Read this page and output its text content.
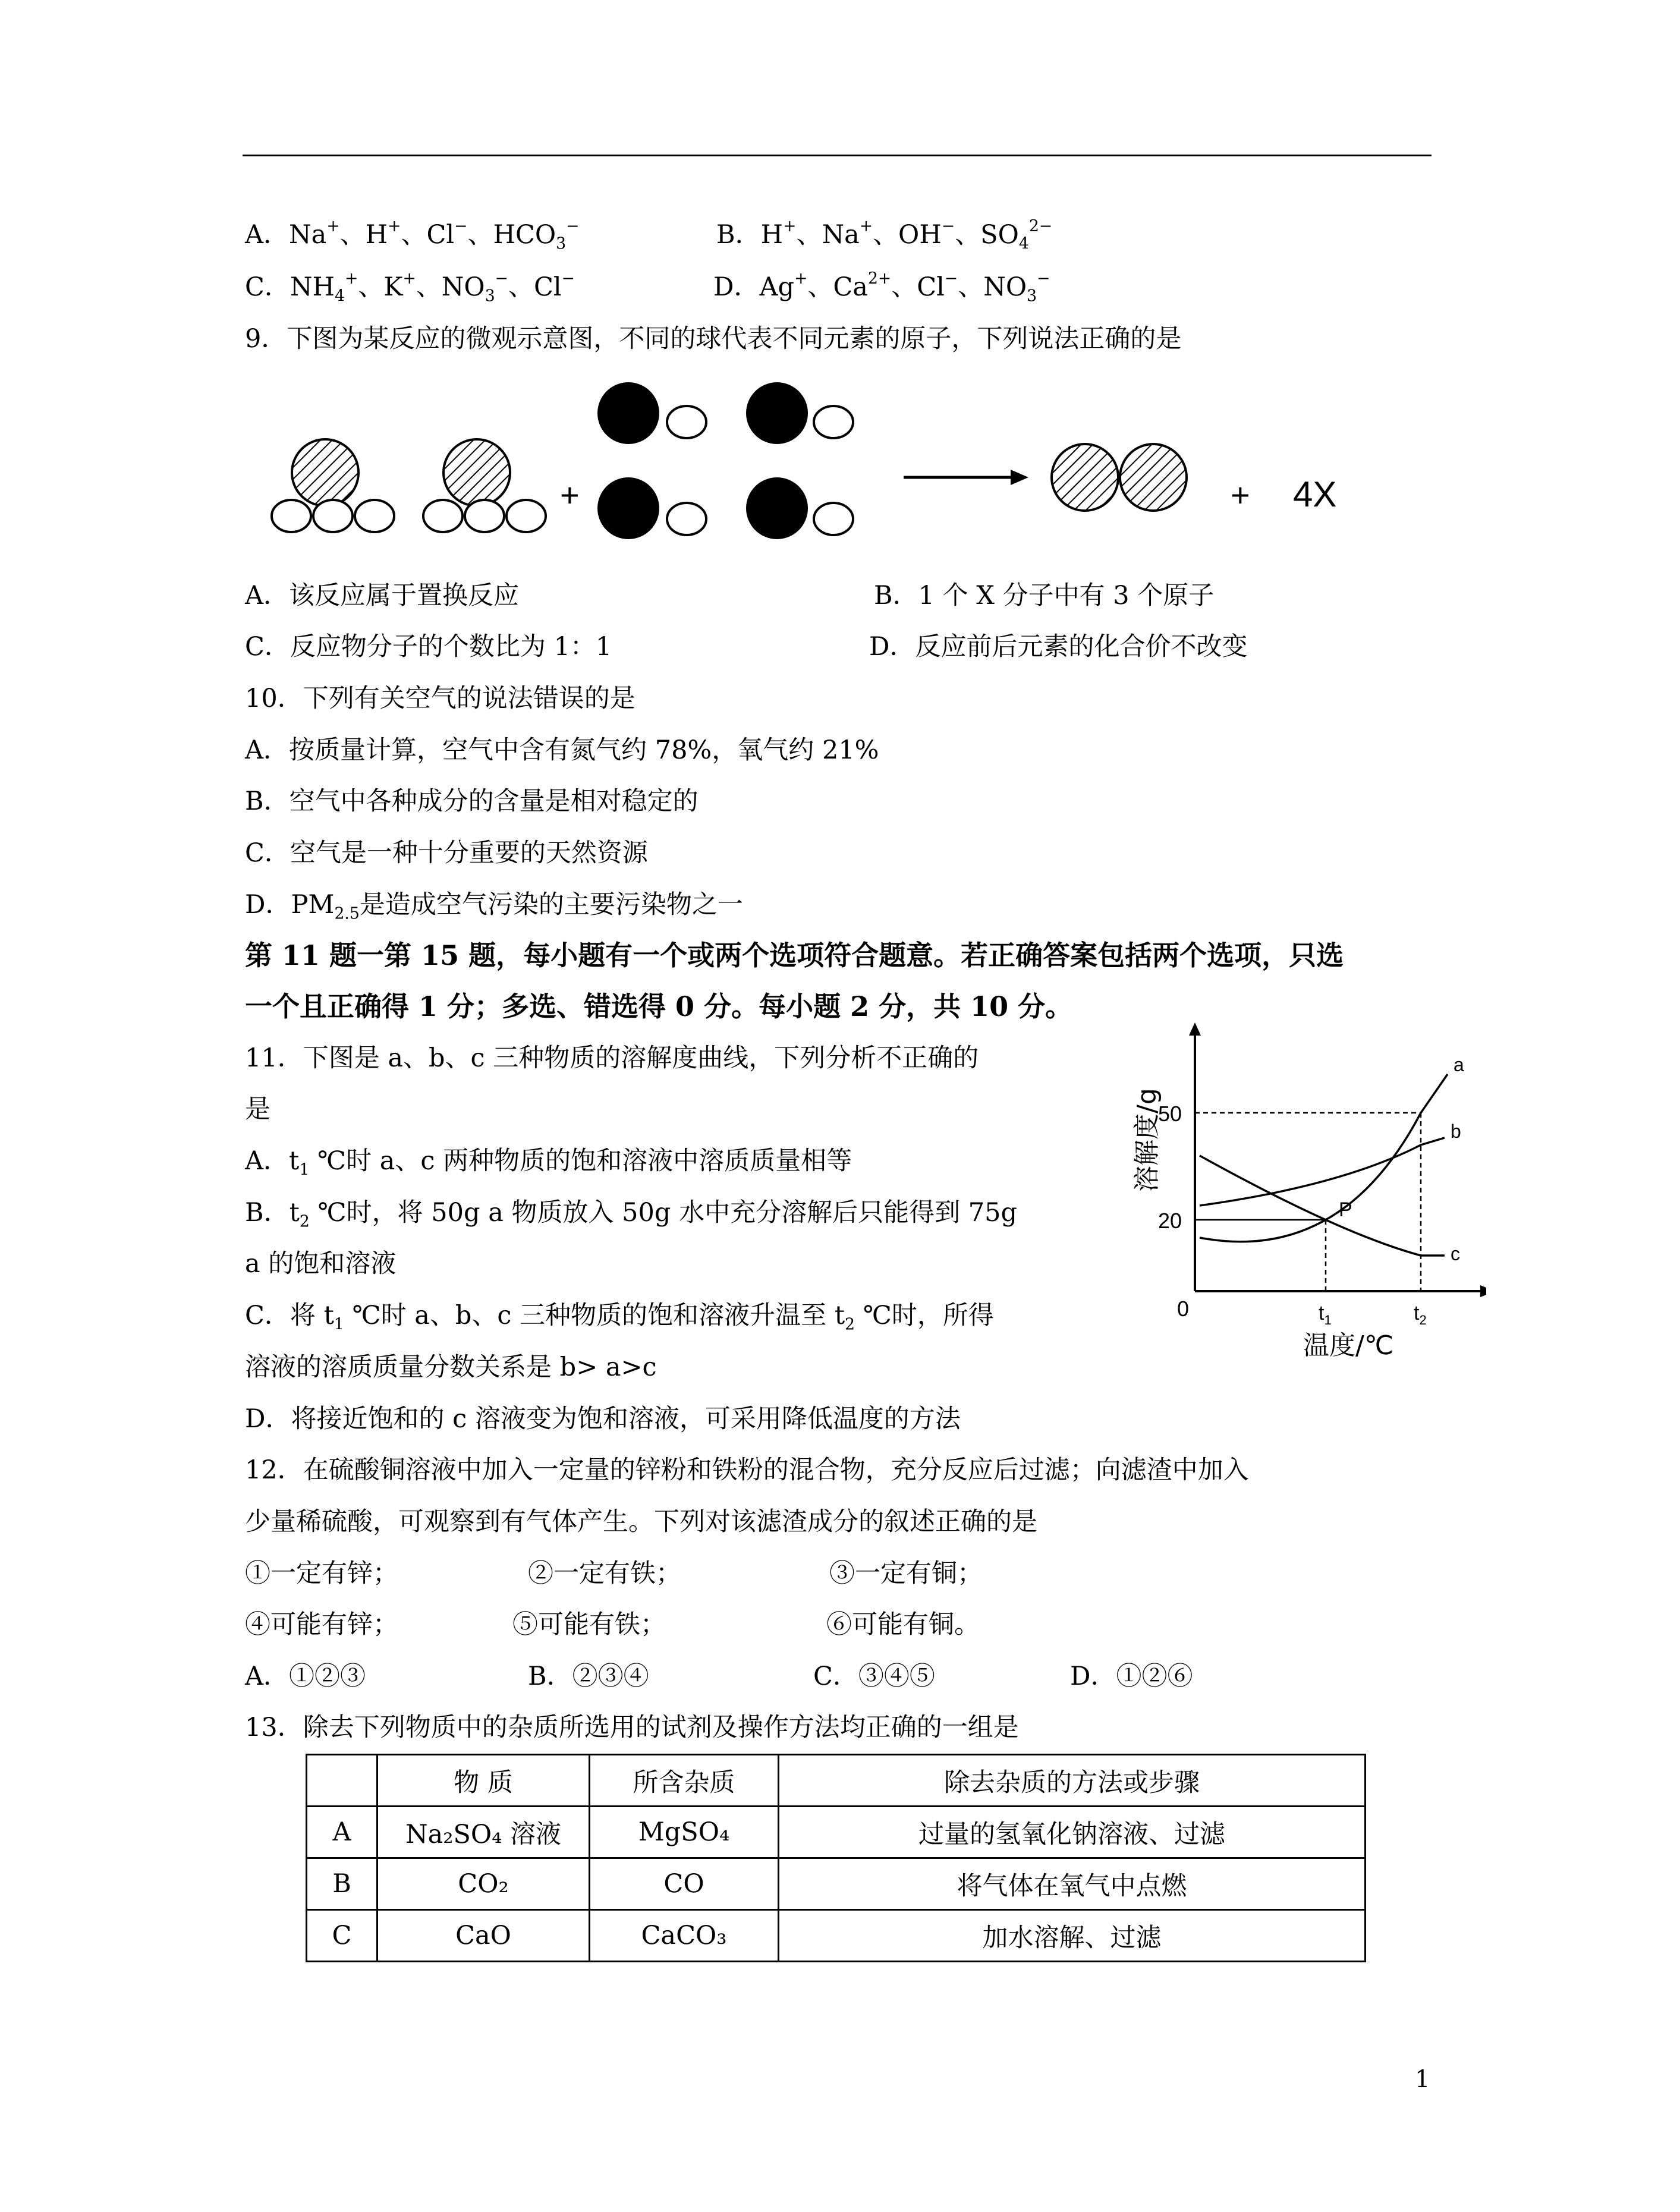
A．Na+、H+、Cl−、$HCO_3^-$	B．H+、Na+、OH−、$SO_4^{2-}$
C．$NH_4^+$、K+、$NO_3^-$、Cl−	D．Ag+、$Ca^{2+}$、Cl−、$NO_3^-$
9．下图为某反应的微观示意图，不同的球代表不同元素的原子，下列说法正确的是
+	+ 4X
A．该反应属于置换反应	B．1 个 X 分子中有 3 个原子
C．反应物分子的个数比为 1：1	D．反应前后元素的化合价不改变
10．下列有关空气的说法错误的是
A．按质量计算，空气中含有氮气约 78%，氧气约 21%
B．空气中各种成分的含量是相对稳定的
C．空气是一种十分重要的天然资源
D．$PM_{2.5}$是造成空气污染的主要污染物之一
第 11 题一第 15 题，每小题有一个或两个选项符合题意。若正确答案包括两个选项，只选
一个且正确得 1 分；多选、错选得 0 分。每小题 2 分，共 10 分。
11．下图是 a、b、c 三种物质的溶解度曲线，下列分析不正确的
是
A．$t_1$ ℃时 a、c 两种物质的饱和溶液中溶质质量相等
B．$t_2$ ℃时，将 50g a 物质放入 50g 水中充分溶解后只能得到 75g
a 的饱和溶液
C．将 $t_1$ ℃时 a、b、c 三种物质的饱和溶液升温至 $t_2$ ℃时，所得
溶液的溶质质量分数关系是 b> a>c
D．将接近饱和的 c 溶液变为饱和溶液，可采用降低温度的方法
a
b
c
50
20
0	$t_1$	$t_2$
P
温度/℃
溶解度/g
12．在硫酸铜溶液中加入一定量的锌粉和铁粉的混合物，充分反应后过滤；向滤渣中加入
少量稀硫酸，可观察到有气体产生。下列对该滤渣成分的叙述正确的是
①一定有锌；	②一定有铁；	③一定有铜；
④可能有锌；	⑤可能有铁；	⑥可能有铜。
A．①②③	B．②③④	C．③④⑤	D．①②⑥
13．除去下列物质中的杂质所选用的试剂及操作方法均正确的一组是
	物 质	所含杂质	除去杂质的方法或步骤
A	Na₂SO₄ 溶液	MgSO₄	过量的氢氧化钠溶液、过滤
B	CO₂	CO	将气体在氧气中点燃
C	CaO	CaCO₃	加水溶解、过滤
1
